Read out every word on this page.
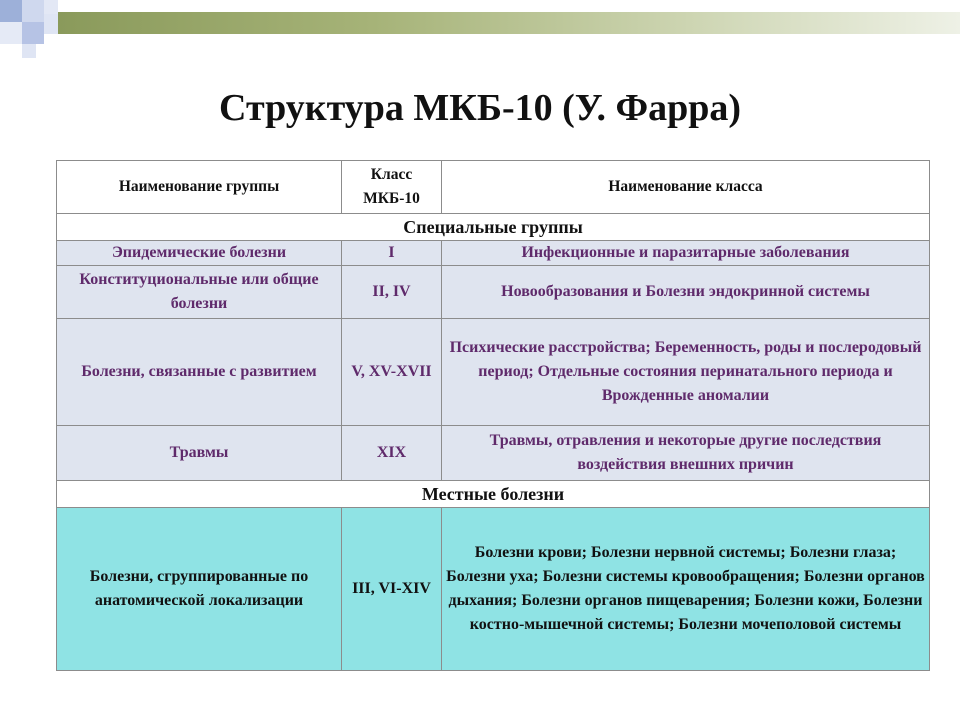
Структура МКБ-10 (У. Фарра)
Наименование группы	Класс МКБ-10	Наименование класса
Специальные группы		
Эпидемические болезни	I	Инфекционные и паразитарные заболевания
Конституциональные или общие болезни	II, IV	Новообразования и Болезни эндокринной системы
Болезни, связанные с развитием	V, XV-XVII	Психические расстройства; Беременность, роды и послеродовый период; Отдельные состояния перинатального периода и Врожденные аномалии
Травмы	XIX	Травмы, отравления и некоторые другие последствия воздействия внешних причин
Местные болезни		
Болезни, сгруппированные по анатомической локализации	III, VI-XIV	Болезни крови; Болезни нервной системы; Болезни глаза; Болезни уха; Болезни системы кровообращения; Болезни органов дыхания; Болезни органов пищеварения; Болезни кожи, Болезни костно-мышечной системы; Болезни мочеполовой системы
